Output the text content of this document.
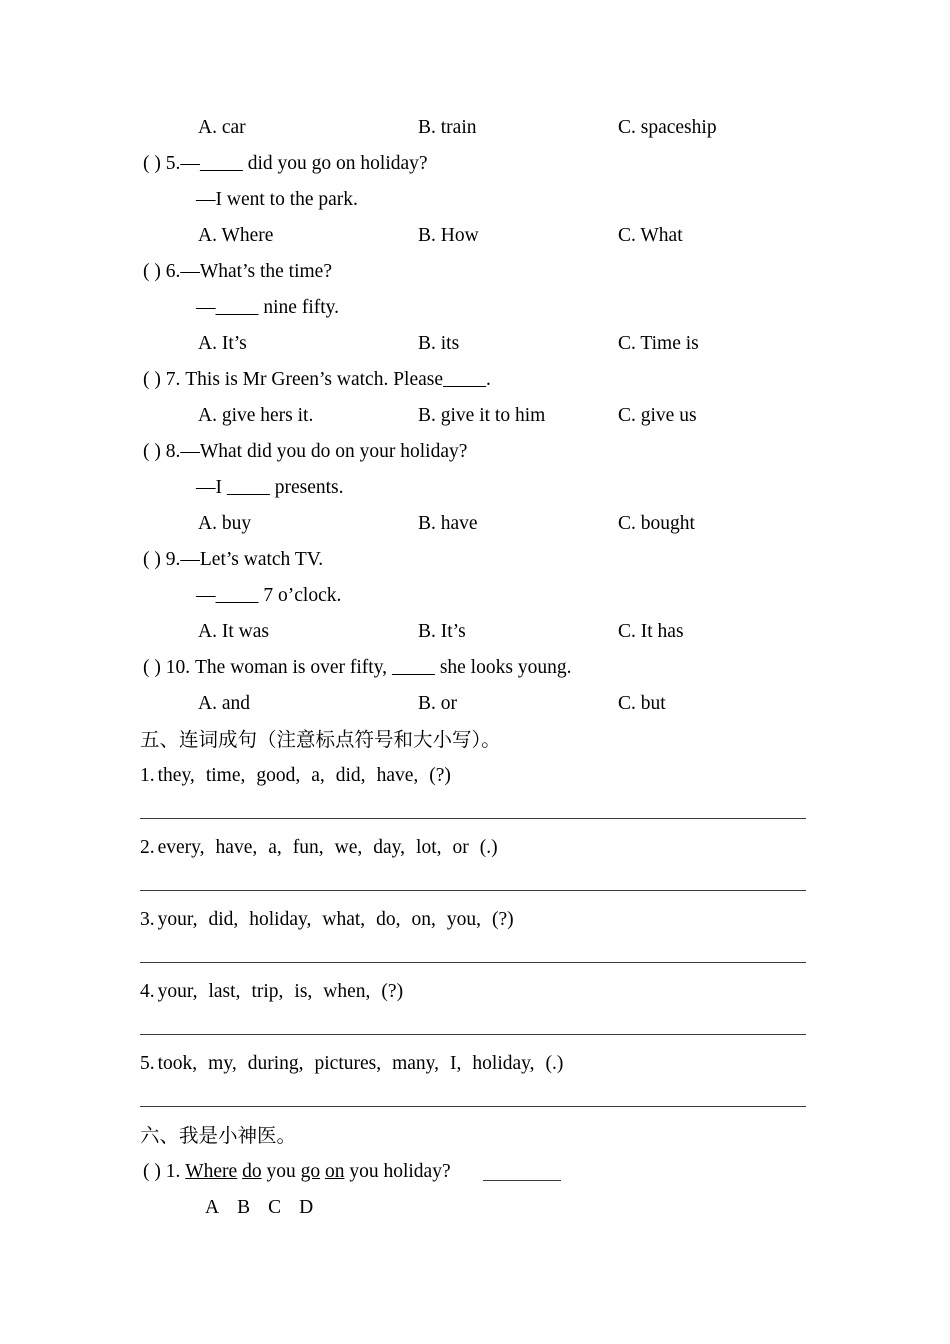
A. car	B. train	C. spaceship
( ) 5.— did you go on holiday?
—I went to the park.
A. Where	B. How	C. What
( ) 6.—What’s the time?
— nine fifty.
A. It’s	B. its	C. Time is
( ) 7. This is Mr Green’s watch. Please .
A. give hers it.	B. give it to him	C. give us
( ) 8.—What did you do on your holiday?
—I  presents.
A. buy	B. have	C. bought
( ) 9.—Let’s watch TV.
— 7 o’clock.
A. It was	B. It’s	C. It has
( ) 10. The woman is over fifty,  she looks young.
A. and	B. or	C. but
五、连词成句（注意标点符号和大小写）。
1. they, time, good, a, did, have, (?)
2. every, have, a, fun, we, day, lot, or (.)
3. your, did, holiday, what, do, on, you, (?)
4. your, last, trip, is, when, (?)
5. took, my, during, pictures, many, I, holiday, (.)
六、我是小神医。
( ) 1. Where do you go on you holiday?
A B C D
